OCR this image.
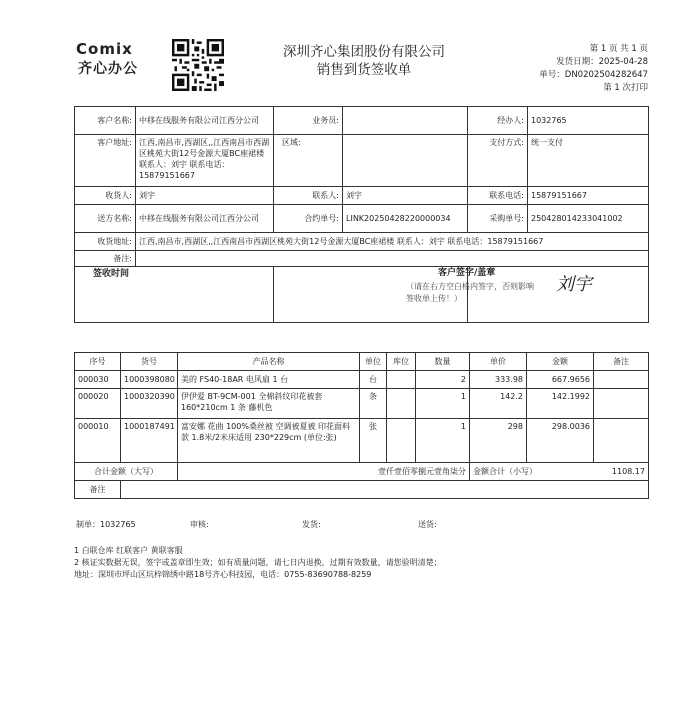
Comix
齐心办公
深圳齐心集团股份有限公司
销售到货签收单
第 1 页 共 1 页
发货日期：2025-04-28
单号：DN0202504282647
第 1 次打印
客户名称:	中移在线服务有限公司江西分公司	业务员:		经办人:	1032765
客户地址:	江西,南昌市,西湖区,,江西南昌市西湖区桃苑大街12号金源大厦BC座裙楼 联系人：刘宇 联系电话：15879151667	区域:		支付方式:	统一支付
收货人:	刘宇	联系人:	刘宇	联系电话:	15879151667
送方名称:	中移在线服务有限公司江西分公司	合约单号:	LINK20250428220000034	采购单号:	250428014233041002
收货地址:	江西,南昌市,西湖区,,江西南昌市西湖区桃苑大街12号金源大厦BC座裙楼 联系人：刘宇 联系电话：15879151667				
备注:					
签收时间				客户签字/盖章
（请在右方空白格内签字，否则影响签收单上传！）
刘宇	
序号	货号	产品名称	单位	库位	数量	单价	金额	备注
000030	1000398080	美的 FS40-18AR 电风扇 1 台	台		2	333.98	667.9656	
000020	1000320390	伊伊爱 BT-9CM-001 全棉斜纹印花被套 160*210cm 1 条 藤机色	条		1	142.2	142.1992	
000010	1000187491	富安娜 花曲 100%桑丝被 空调被夏被 印花面料款 1.8米/2米床适用 230*229cm (单位:张)	张		1	298	298.0036	
合计金额（大写）		壹仟壹佰零捌元壹角柒分				金额合计（小写）		1108.17
备注								
制单：1032765	审核:	发货:	送货:
1 白联仓库 红联客户 黄联客服
2 核证实数据无误，签字或盖章即生效；如有质量问题，请七日内退换，过期有效数量，请您验明清楚；
地址：深圳市坪山区坑梓锦绣中路18号齐心科技园，电话：0755-83690788-8259
